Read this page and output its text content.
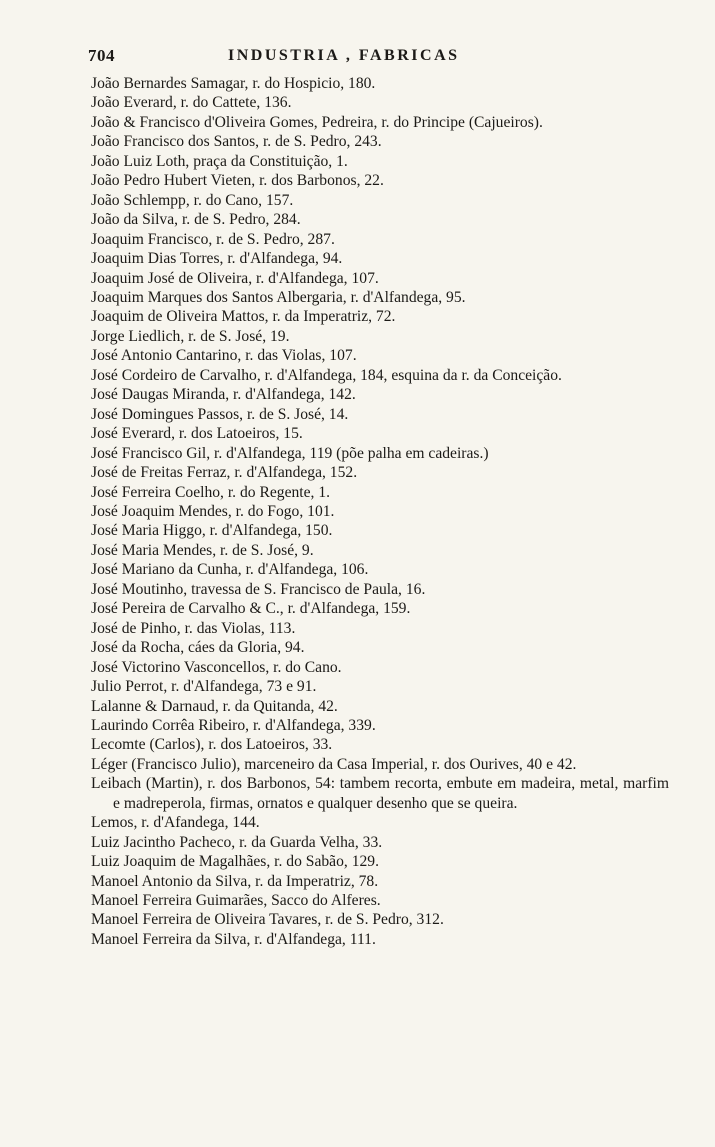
704	INDUSTRIA , FABRICAS
João Bernardes Samagar, r. do Hospicio, 180.
João Everard, r. do Cattete, 136.
João & Francisco d'Oliveira Gomes, Pedreira, r. do Principe (Cajueiros).
João Francisco dos Santos, r. de S. Pedro, 243.
João Luiz Loth, praça da Constituição, 1.
João Pedro Hubert Vieten, r. dos Barbonos, 22.
João Schlempp, r. do Cano, 157.
João da Silva, r. de S. Pedro, 284.
Joaquim Francisco, r. de S. Pedro, 287.
Joaquim Dias Torres, r. d'Alfandega, 94.
Joaquim José de Oliveira, r. d'Alfandega, 107.
Joaquim Marques dos Santos Albergaria, r. d'Alfandega, 95.
Joaquim de Oliveira Mattos, r. da Imperatriz, 72.
Jorge Liedlich, r. de S. José, 19.
José Antonio Cantarino, r. das Violas, 107.
José Cordeiro de Carvalho, r. d'Alfandega, 184, esquina da r. da Conceição.
José Daugas Miranda, r. d'Alfandega, 142.
José Domingues Passos, r. de S. José, 14.
José Everard, r. dos Latoeiros, 15.
José Francisco Gil, r. d'Alfandega, 119 (põe palha em cadeiras.)
José de Freitas Ferraz, r. d'Alfandega, 152.
José Ferreira Coelho, r. do Regente, 1.
José Joaquim Mendes, r. do Fogo, 101.
José Maria Higgo, r. d'Alfandega, 150.
José Maria Mendes, r. de S. José, 9.
José Mariano da Cunha, r. d'Alfandega, 106.
José Moutinho, travessa de S. Francisco de Paula, 16.
José Pereira de Carvalho & C., r. d'Alfandega, 159.
José de Pinho, r. das Violas, 113.
José da Rocha, cáes da Gloria, 94.
José Victorino Vasconcellos, r. do Cano.
Julio Perrot, r. d'Alfandega, 73 e 91.
Lalanne & Darnaud, r. da Quitanda, 42.
Laurindo Corrêa Ribeiro, r. d'Alfandega, 339.
Lecomte (Carlos), r. dos Latoeiros, 33.
Léger (Francisco Julio), marceneiro da Casa Imperial, r. dos Ourives, 40 e 42.
Leibach (Martin), r. dos Barbonos, 54: tambem recorta, embute em madeira, metal, marfim e madreperola, firmas, ornatos e qualquer desenho que se queira.
Lemos, r. d'Afandega, 144.
Luiz Jacintho Pacheco, r. da Guarda Velha, 33.
Luiz Joaquim de Magalhães, r. do Sabão, 129.
Manoel Antonio da Silva, r. da Imperatriz, 78.
Manoel Ferreira Guimarães, Sacco do Alferes.
Manoel Ferreira de Oliveira Tavares, r. de S. Pedro, 312.
Manoel Ferreira da Silva, r. d'Alfandega, 111.
